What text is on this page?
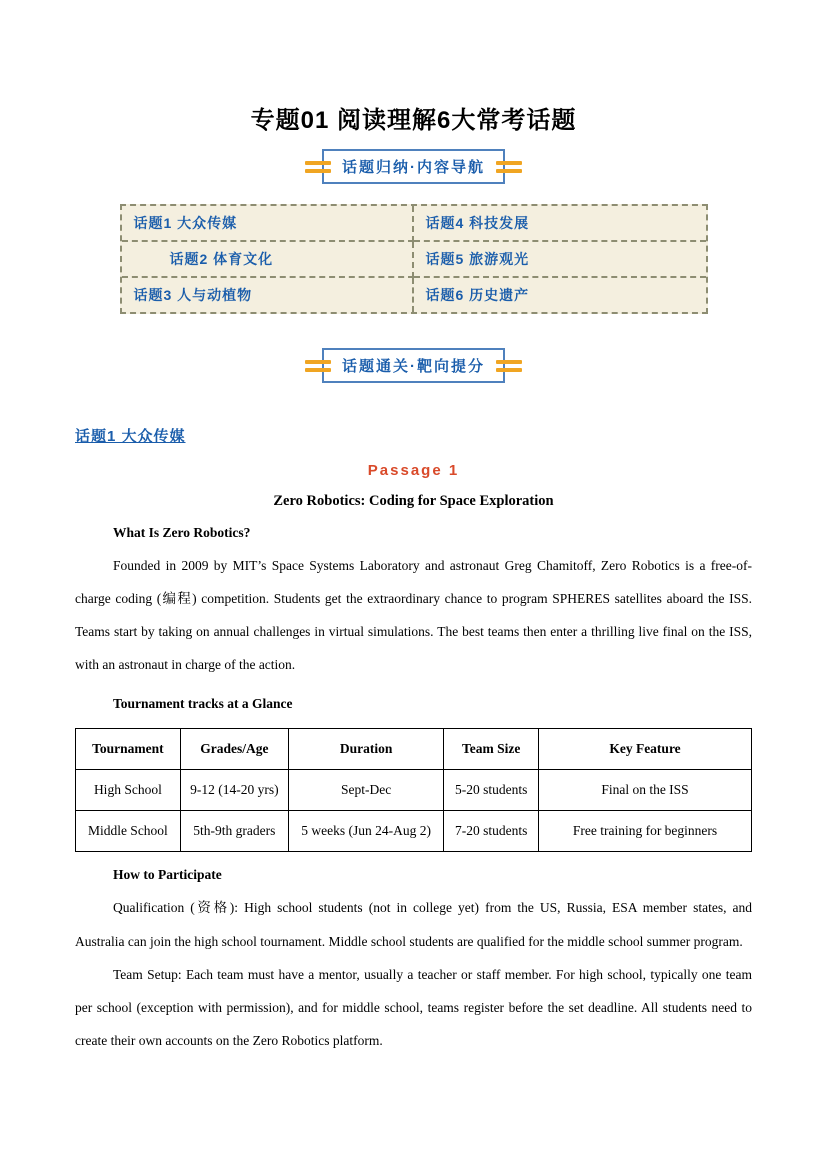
专题01 阅读理解6大常考话题
话题归纳·内容导航
话题1 大众传媒	话题4 科技发展
话题2 体育文化	话题5 旅游观光
话题3 人与动植物	话题6 历史遗产
话题通关·靶向提分
话题1 大众传媒
Passage 1
Zero Robotics: Coding for Space Exploration
What Is Zero Robotics?

Founded in 2009 by MIT’s Space Systems Laboratory and astronaut Greg Chamitoff, Zero Robotics is a free-of-charge coding (编程) competition. Students get the extraordinary chance to program SPHERES satellites aboard the ISS. Teams start by taking on annual challenges in virtual simulations. The best teams then enter a thrilling live final on the ISS, with an astronaut in charge of the action.

Tournament tracks at a Glance
Tournament	Grades/Age	Duration	Team Size	Key Feature
High School	9-12 (14-20 yrs)	Sept-Dec	5-20 students	Final on the ISS
Middle School	5th-9th graders	5 weeks (Jun 24-Aug 2)	7-20 students	Free training for beginners
How to Participate

Qualification (资格): High school students (not in college yet) from the US, Russia, ESA member states, and Australia can join the high school tournament. Middle school students are qualified for the middle school summer program.

Team Setup: Each team must have a mentor, usually a teacher or staff member. For high school, typically one team per school (exception with permission), and for middle school, teams register before the set deadline. All students need to create their own accounts on the Zero Robotics platform.
